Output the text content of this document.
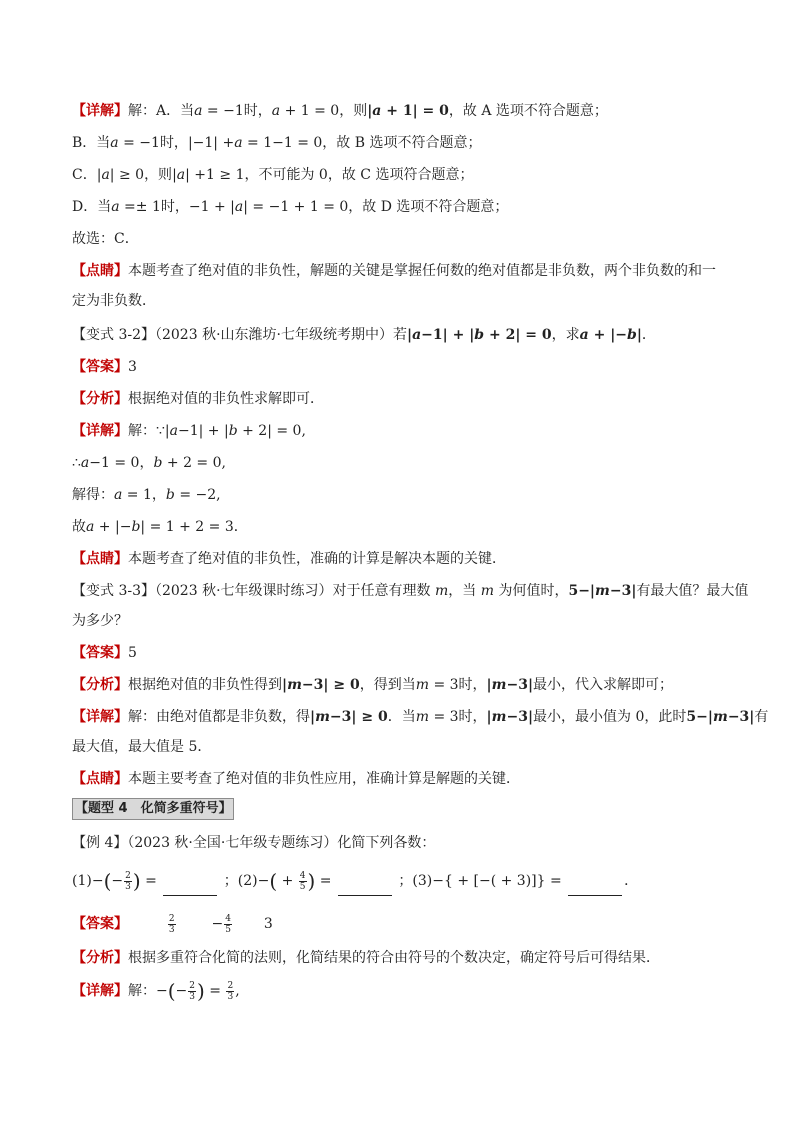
【详解】解：A．当a = −1时，a + 1 = 0，则|a + 1| = 0，故 A 选项不符合题意；
B．当a = −1时，|−1| +a = 1−1 = 0，故 B 选项不符合题意；
C．|a| ≥ 0，则|a| +1 ≥ 1，不可能为 0，故 C 选项符合题意；
D．当a =± 1时，−1 + |a| = −1 + 1 = 0，故 D 选项不符合题意；
故选：C．
【点睛】本题考查了绝对值的非负性，解题的关键是掌握任何数的绝对值都是非负数，两个非负数的和一
定为非负数．
【变式 3-2】（2023 秋·山东潍坊·七年级统考期中）若|a−1| + |b + 2| = 0，求a + |−b|．
【答案】3
【分析】根据绝对值的非负性求解即可．
【详解】解：∵|a−1| + |b + 2| = 0,
∴a−1 = 0，b + 2 = 0,
解得：a = 1，b = −2,
故a + |−b| = 1 + 2 = 3．
【点睛】本题考查了绝对值的非负性，准确的计算是解决本题的关键．
【变式 3-3】（2023 秋·七年级课时练习）对于任意有理数 m，当 m 为何值时，5−|m−3|有最大值？最大值
为多少？
【答案】5
【分析】根据绝对值的非负性得到|m−3| ≥ 0，得到当m = 3时，|m−3|最小，代入求解即可；
【详解】解：由绝对值都是非负数，得|m−3| ≥ 0．当m = 3时，|m−3|最小，最小值为 0，此时5−|m−3|有
最大值，最大值是 5．
【点睛】本题主要考查了绝对值的非负性应用，准确计算是解题的关键．
【题型 4　化简多重符号】
【例 4】（2023 秋·全国·七年级专题练习）化简下列各数：
$(1)-(- \frac{2}{3}$ ) =	；$(2)-( + \frac{4}{5}$ ) =	；(3)−{ + [−( + 3)]} =	．
【答案】	$\frac{2}{3}$	− $\frac{4}{5} 3$
【分析】根据多重符合化简的法则，化简结果的符合由符号的个数决定，确定符号后可得结果．
【详解】解：−(− $\frac{2}{3}$ ) = $\frac{2}{3}$ ,
